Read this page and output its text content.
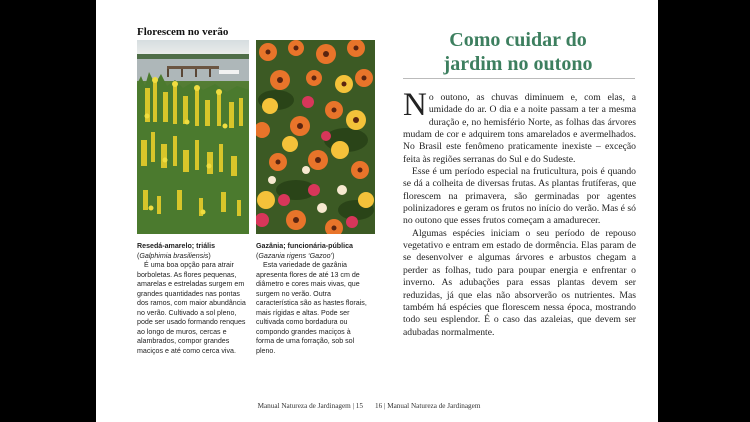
Florescem no verão

Resedá-amarelo; triális
(Galphimia brasiliensis)
É uma boa opção para atrair borboletas. As flores pequenas, amarelas e estreladas surgem em grandes quantidades nas pontas dos ramos, com maior abundância no verão. Cultivado a sol pleno, pode ser usado formando renques ao longo de muros, cercas e alambrados, compor grandes maciços e até como cerca viva.

Gazânia; funcionária-pública
(Gazania rigens ‘Gazoo’)
Esta variedade de gazânia apresenta flores de até 13 cm de diâmetro e cores mais vivas, que surgem no verão. Outra característica são as hastes florais, mais rígidas e altas. Pode ser cultivada como bordadura ou compondo grandes maciços à forma de uma forração, sob sol pleno.

Manual Natureza de Jardinagem | 15

Como cuidar do
jardim no outono

No outono, as chuvas diminuem e, com elas, a umidade do ar. O dia e a noite passam a ter a mesma duração e, no hemisfério Norte, as folhas das árvores mudam de cor e adquirem tons amarelados e avermelhados. No Brasil este fenômeno praticamente inexiste – exceção feita às regiões serranas do Sul e do Sudeste.

Esse é um período especial na fruticultura, pois é quando se dá a colheita de diversas frutas. As plantas frutíferas, que florescem na primavera, são germinadas por agentes polinizadores e geram os frutos no início do verão. Mas é só no outono que esses frutos começam a amadurecer.

Algumas espécies iniciam o seu período de repouso vegetativo e entram em estado de dormência. Elas param de se desenvolver e algumas árvores e arbustos chegam a perder as folhas, tudo para poupar energia e enfrentar o inverno. As adubações para essas plantas devem ser reduzidas, já que elas não absorverão os nutrientes. Mas também há espécies que florescem nessa época, mostrando todo seu esplendor. É o caso das azaleias, que devem ser adubadas normalmente.

16 | Manual Natureza de Jardinagem
